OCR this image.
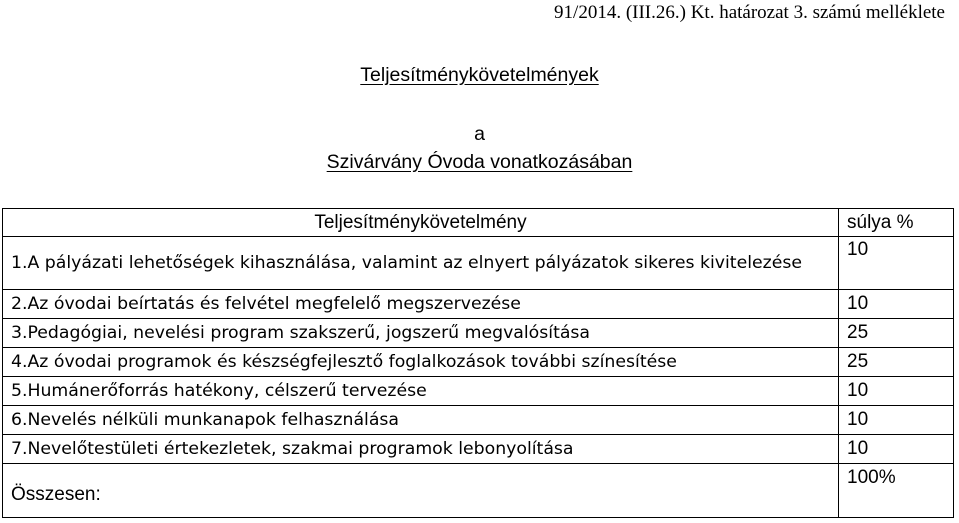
91/2014. (III.26.) Kt. határozat 3. számú melléklete
Teljesítménykövetelmények
a
Szivárvány Óvoda vonatkozásában
Teljesítménykövetelmény	súlya %
1.A pályázati lehetőségek kihasználása, valamint az elnyert pályázatok sikeres kivitelezése	10
2.Az óvodai beírtatás és felvétel megfelelő megszervezése	10
3.Pedagógiai, nevelési program szakszerű, jogszerű megvalósítása	25
4.Az óvodai programok és készségfejlesztő foglalkozások további színesítése	25
5.Humánerőforrás hatékony, célszerű tervezése	10
6.Nevelés nélküli munkanapok felhasználása	10
7.Nevelőtestületi értekezletek, szakmai programok lebonyolítása	10
Összesen:	100%
